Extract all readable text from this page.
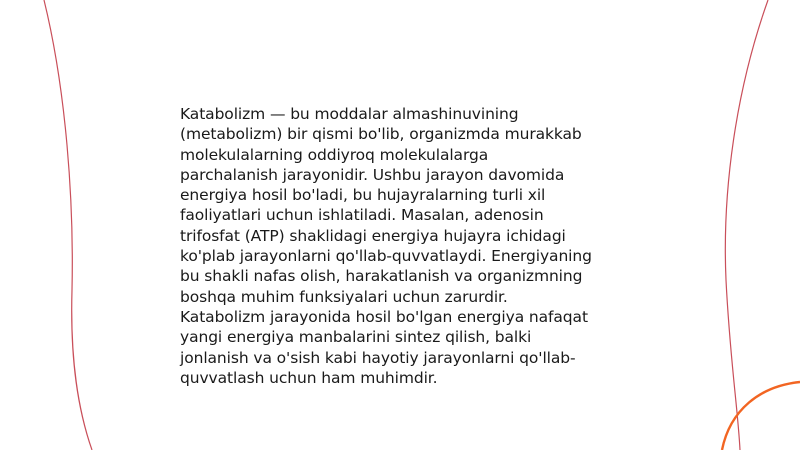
Katabolizm — bu moddalar almashinuvining
(metabolizm) bir qismi bo'lib, organizmda murakkab
molekulalarning oddiyroq molekulalarga
parchalanish jarayonidir. Ushbu jarayon davomida
energiya hosil bo'ladi, bu hujayralarning turli xil
faoliyatlari uchun ishlatiladi. Masalan, adenosin
trifosfat (ATP) shaklidagi energiya hujayra ichidagi
ko'plab jarayonlarni qo'llab-quvvatlaydi. Energiyaning
bu shakli nafas olish, harakatlanish va organizmning
boshqa muhim funksiyalari uchun zarurdir.
Katabolizm jarayonida hosil bo'lgan energiya nafaqat
yangi energiya manbalarini sintez qilish, balki
jonlanish va o'sish kabi hayotiy jarayonlarni qo'llab-
quvvatlash uchun ham muhimdir.
